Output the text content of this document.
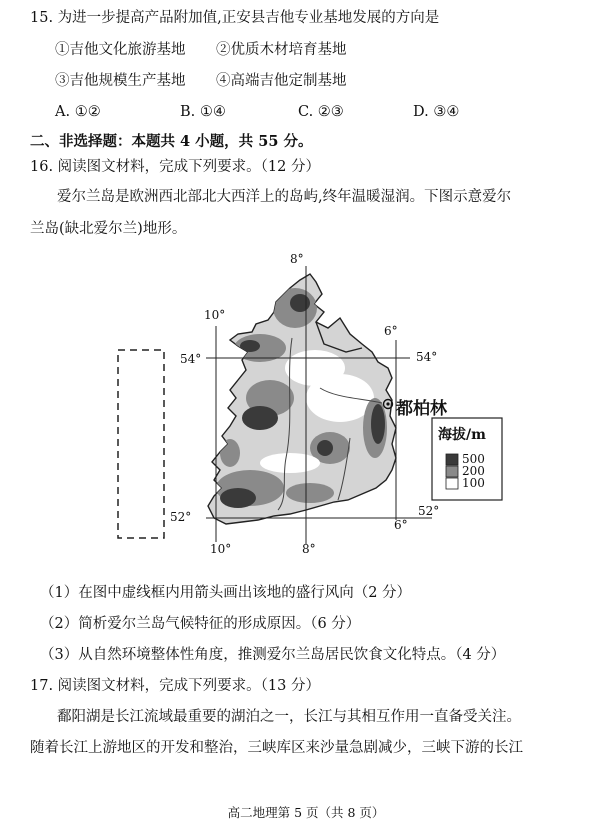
15. 为进一步提高产品附加值,正安县吉他专业基地发展的方向是
①吉他文化旅游基地 ②优质木材培育基地
③吉他规模生产基地 ④高端吉他定制基地
A. ①②	B. ①④	C. ②③	D. ③④
二、非选择题：本题共 4 小题，共 55 分。
16. 阅读图文材料，完成下列要求。（12 分）
爱尔兰岛是欧洲西北部北大西洋上的岛屿,终年温暖湿润。下图示意爱尔
兰岛(缺北爱尔兰)地形。
8°
10°
6°
54°	54°
都柏林
海拔/m
500
200
100
52°	52°
6°
10°	8°
（1）在图中虚线框内用箭头画出该地的盛行风向（2 分）
（2）简析爱尔兰岛气候特征的形成原因。（6 分）
（3）从自然环境整体性角度，推测爱尔兰岛居民饮食文化特点。（4 分）
17. 阅读图文材料，完成下列要求。（13 分）
鄱阳湖是长江流域最重要的湖泊之一，长江与其相互作用一直备受关注。
随着长江上游地区的开发和整治，三峡库区来沙量急剧减少，三峡下游的长江
高二地理第 5 页（共 8 页）
